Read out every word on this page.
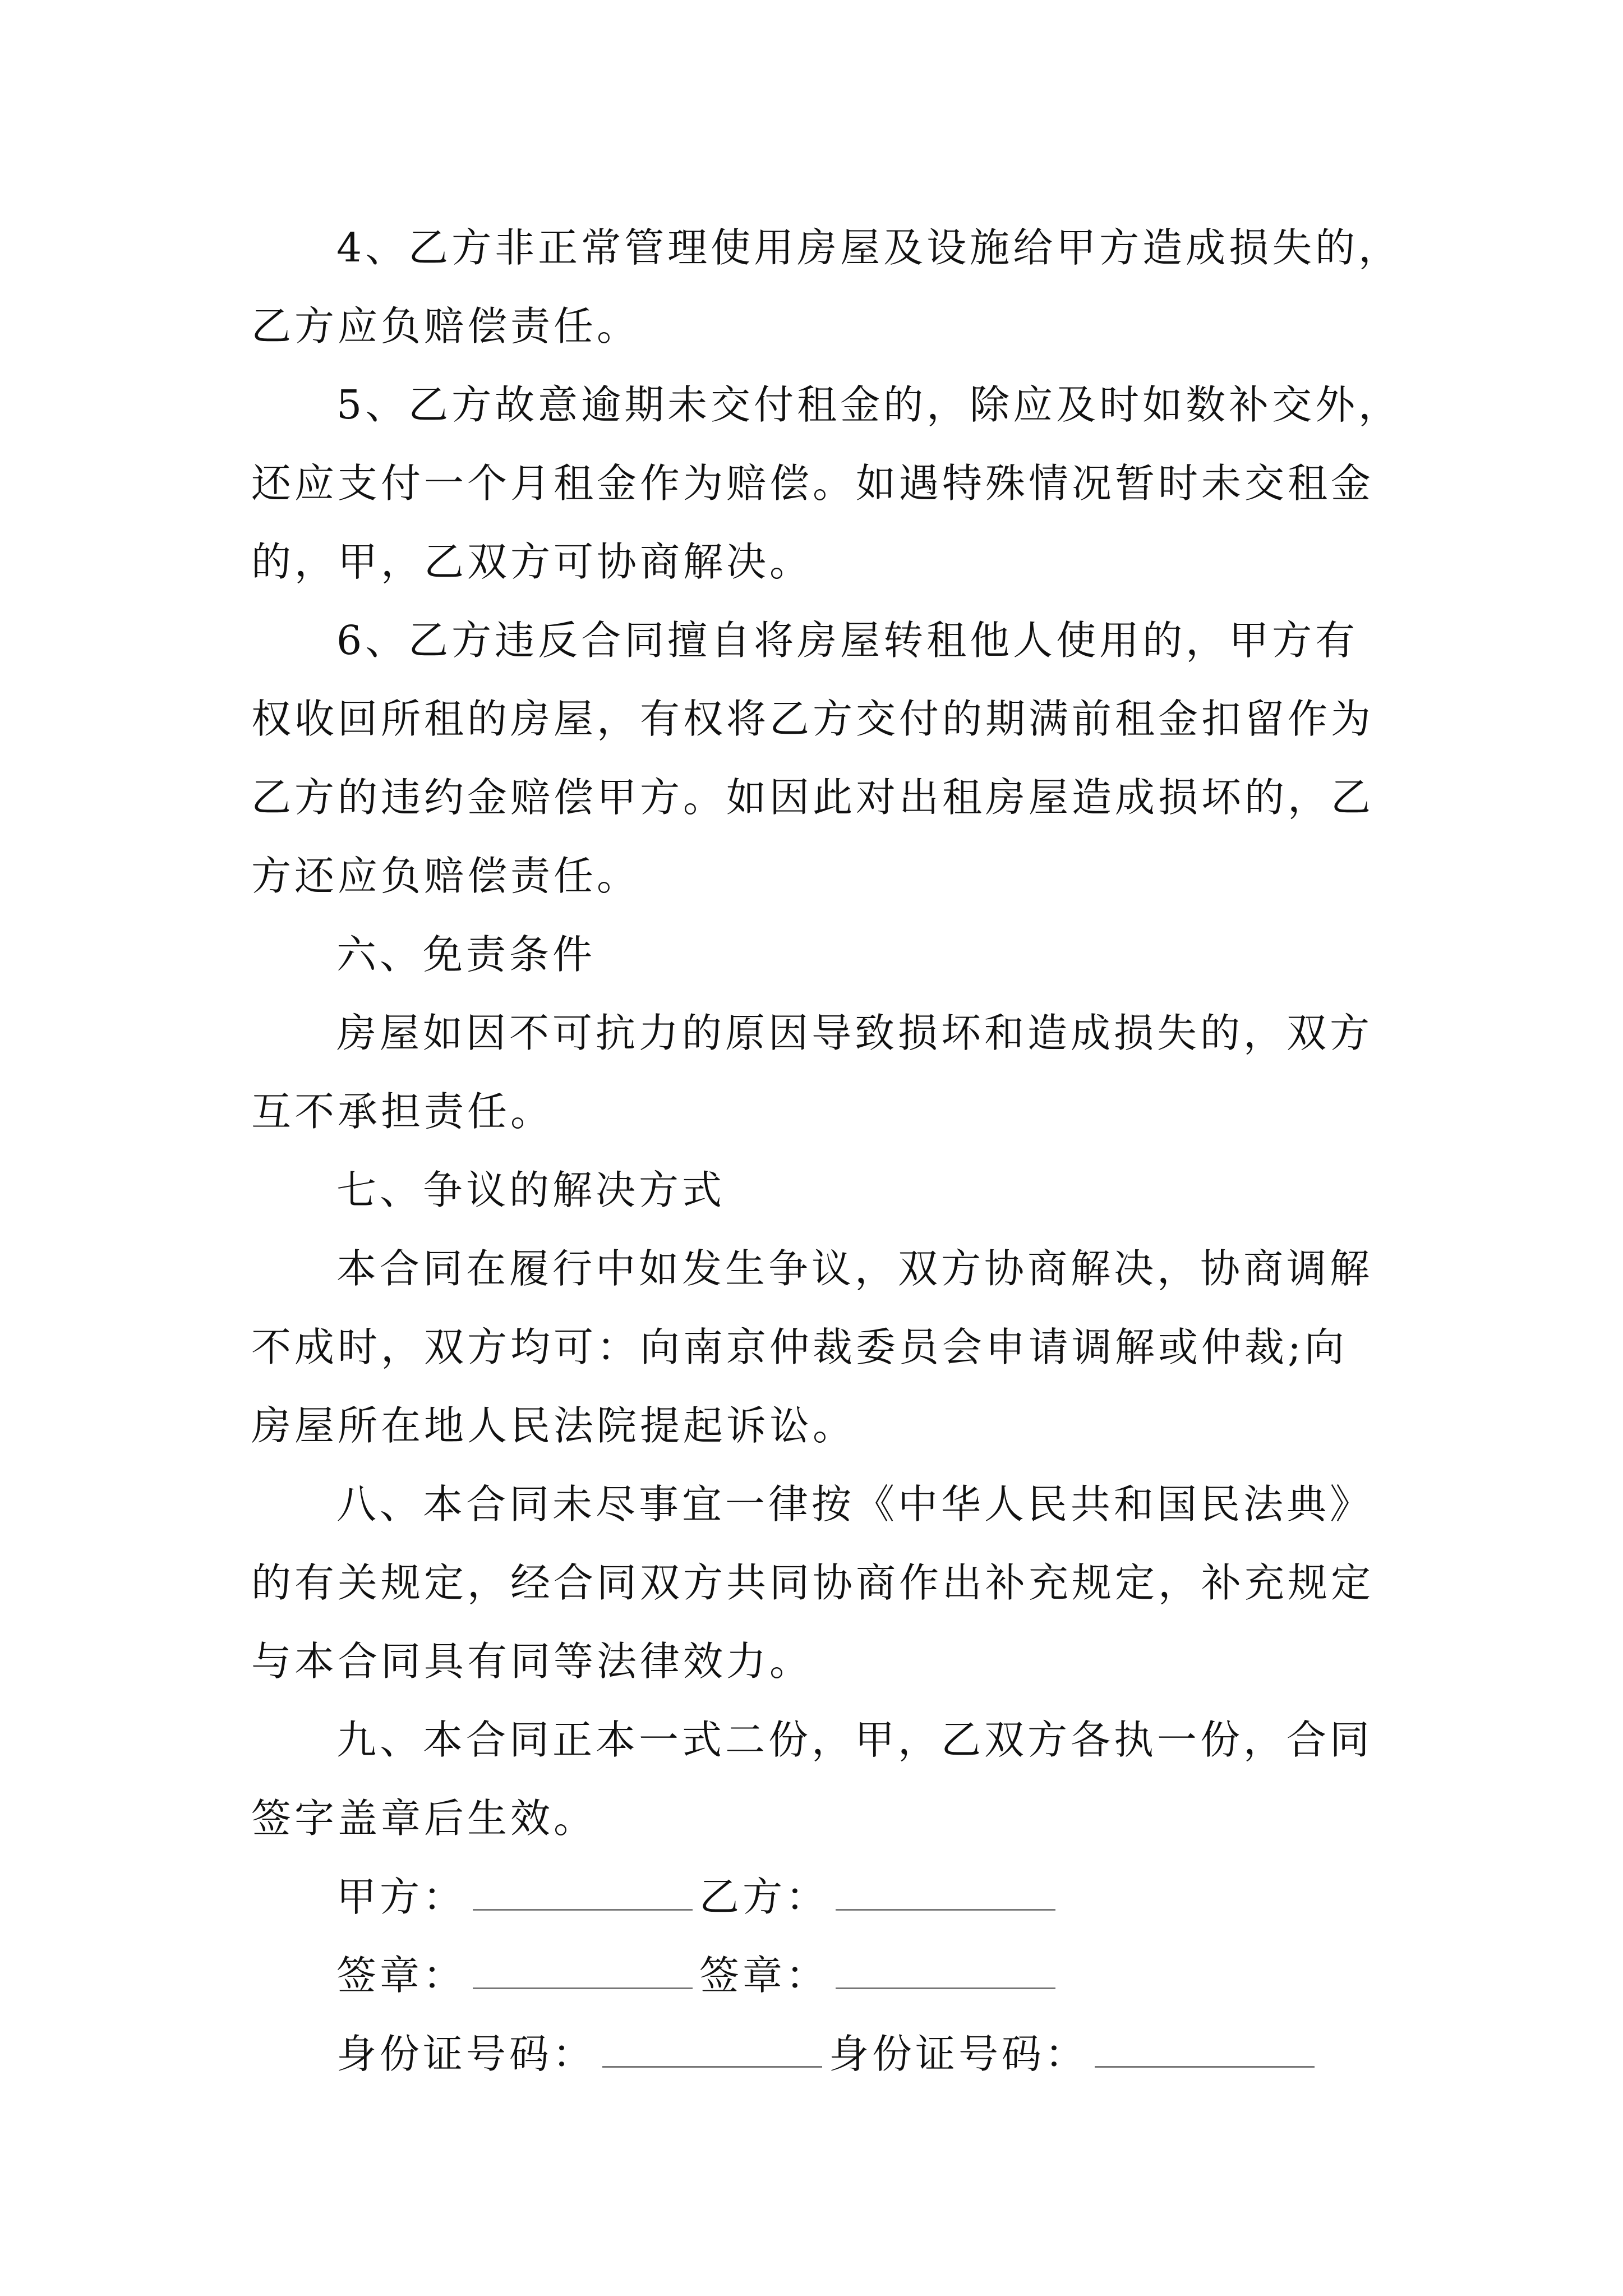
4、乙方非正常管理使用房屋及设施给甲方造成损失的，
乙方应负赔偿责任。
5、乙方故意逾期未交付租金的，除应及时如数补交外，
还应支付一个月租金作为赔偿。如遇特殊情况暂时未交租金
的，甲，乙双方可协商解决。
6、乙方违反合同擅自将房屋转租他人使用的，甲方有
权收回所租的房屋，有权将乙方交付的期满前租金扣留作为
乙方的违约金赔偿甲方。如因此对出租房屋造成损坏的，乙
方还应负赔偿责任。
六、免责条件
房屋如因不可抗力的原因导致损坏和造成损失的，双方
互不承担责任。
七、争议的解决方式
本合同在履行中如发生争议，双方协商解决，协商调解
不成时，双方均可：向南京仲裁委员会申请调解或仲裁;向
房屋所在地人民法院提起诉讼。
八、本合同未尽事宜一律按《中华人民共和国民法典》
的有关规定，经合同双方共同协商作出补充规定，补充规定
与本合同具有同等法律效力。
九、本合同正本一式二份，甲，乙双方各执一份，合同
签字盖章后生效。
甲方：	乙方：
签章：	签章：
身份证号码：	身份证号码：
